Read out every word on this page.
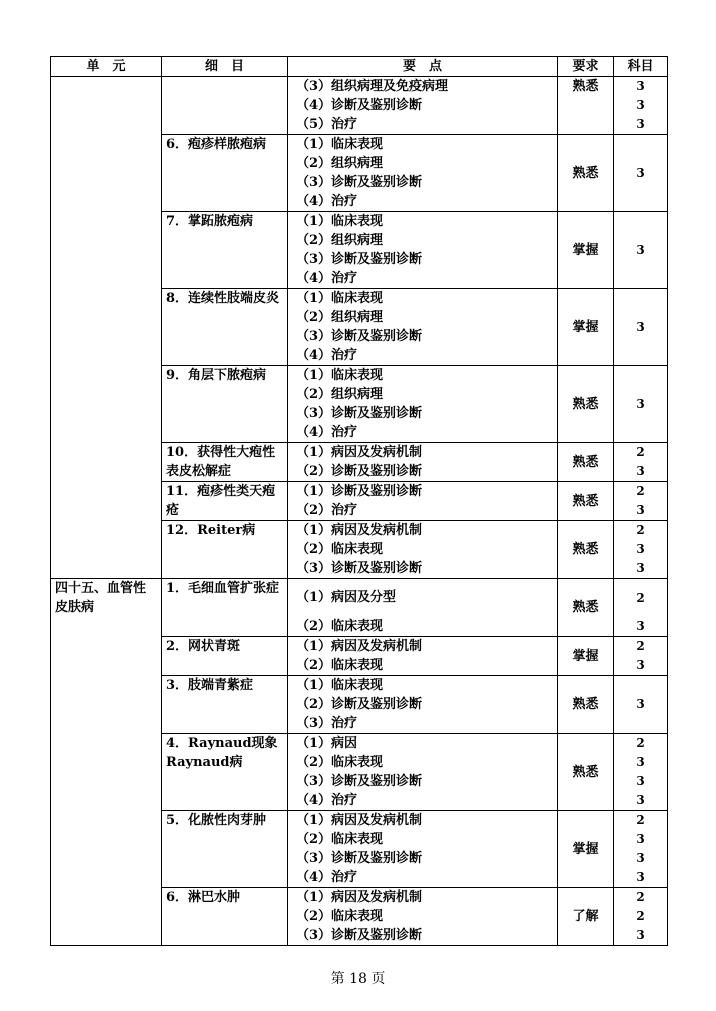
单　元	细　目	要　点	要求	科目

		（3）组织病理及免疫病理
（4）诊断及鉴别诊断
（5）治疗	熟悉	3
3
3

	6．疱疹样脓疱病	（1）临床表现
（2）组织病理
（3）诊断及鉴别诊断
（4）治疗	熟悉	3

	7．掌跖脓疱病	（1）临床表现
（2）组织病理
（3）诊断及鉴别诊断
（4）治疗	掌握	3

	8．连续性肢端皮炎	（1）临床表现
（2）组织病理
（3）诊断及鉴别诊断
（4）治疗	掌握	3

	9．角层下脓疱病	（1）临床表现
（2）组织病理
（3）诊断及鉴别诊断
（4）治疗	熟悉	3

	10．获得性大疱性表皮松解症	（1）病因及发病机制
（2）诊断及鉴别诊断	熟悉	2
3

	11．疱疹性类天疱疮	（1）诊断及鉴别诊断
（2）治疗	熟悉	2
3

	12．Reiter病	（1）病因及发病机制
（2）临床表现
（3）诊断及鉴别诊断	熟悉	2
3
3

四十五、血管性皮肤病	1．毛细血管扩张症	（1）病因及分型
（2）临床表现	熟悉	2
3

	2．网状青斑	（1）病因及发病机制
（2）临床表现	掌握	2
3

	3．肢端青紫症	（1）临床表现
（2）诊断及鉴别诊断
（3）治疗	熟悉	3

	4．Raynaud现象 Raynaud病	（1）病因
（2）临床表现
（3）诊断及鉴别诊断
（4）治疗	熟悉	2
3
3
3

	5．化脓性肉芽肿	（1）病因及发病机制
（2）临床表现
（3）诊断及鉴别诊断
（4）治疗	掌握	2
3
3
3

	6．淋巴水肿	（1）病因及发病机制
（2）临床表现
（3）诊断及鉴别诊断	了解	2
2
3
第 18 页
